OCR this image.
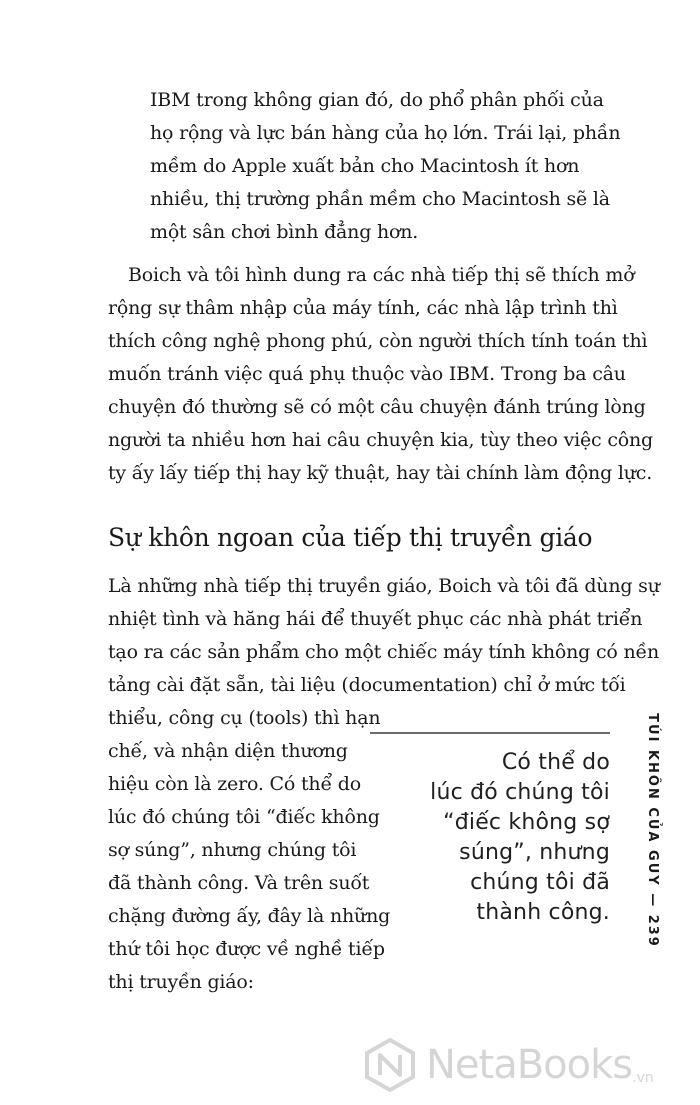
IBM trong không gian đó, do phổ phân phối của
họ rộng và lực bán hàng của họ lớn. Trái lại, phần
mềm do Apple xuất bản cho Macintosh ít hơn
nhiều, thị trường phần mềm cho Macintosh sẽ là
một sân chơi bình đẳng hơn.
Boich và tôi hình dung ra các nhà tiếp thị sẽ thích mở
rộng sự thâm nhập của máy tính, các nhà lập trình thì
thích công nghệ phong phú, còn người thích tính toán thì
muốn tránh việc quá phụ thuộc vào IBM. Trong ba câu
chuyện đó thường sẽ có một câu chuyện đánh trúng lòng
người ta nhiều hơn hai câu chuyện kia, tùy theo việc công
ty ấy lấy tiếp thị hay kỹ thuật, hay tài chính làm động lực.
Sự khôn ngoan của tiếp thị truyền giáo
Là những nhà tiếp thị truyền giáo, Boich và tôi đã dùng sự
nhiệt tình và hăng hái để thuyết phục các nhà phát triển
tạo ra các sản phẩm cho một chiếc máy tính không có nền
tảng cài đặt sẵn, tài liệu (documentation) chỉ ở mức tối
thiểu, công cụ (tools) thì hạn
chế, và nhận diện thương
hiệu còn là zero. Có thể do
lúc đó chúng tôi “điếc không
sợ súng”, nhưng chúng tôi
đã thành công. Và trên suốt
chặng đường ấy, đây là những
thứ tôi học được về nghề tiếp
thị truyền giáo:
Có thể do
lúc đó chúng tôi
“điếc không sợ
súng”, nhưng
chúng tôi đã
thành công.	TÚI KHÔN CỦA GUY — 239
NetaBooks .vn
